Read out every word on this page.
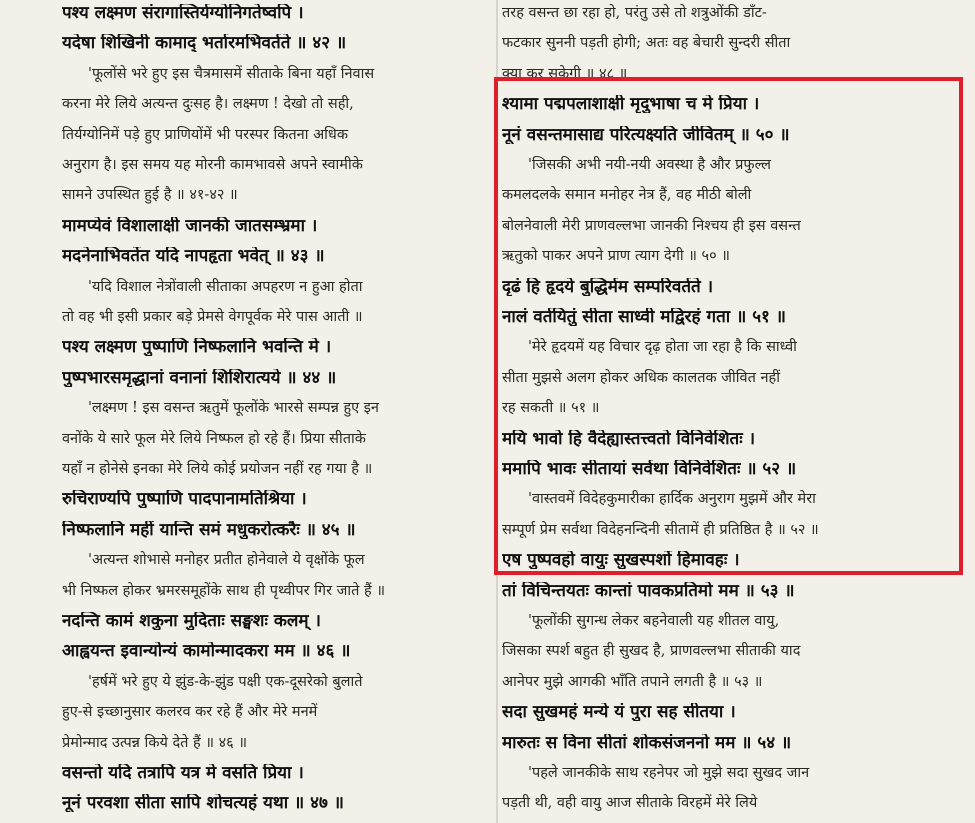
पश्य लक्ष्मण संरागास्तिर्यग्योनिगतेष्वपि ।
यदेषा शिखिनी कामाद् भर्तारमभिवर्तते ॥ ४२ ॥
'फूलोंसे भरे हुए इस चैत्रमासमें सीताके बिना यहाँ निवास
करना मेरे लिये अत्यन्त दुःसह है। लक्ष्मण ! देखो तो सही,
तिर्यग्योनिमें पड़े हुए प्राणियोंमें भी परस्पर कितना अधिक
अनुराग है। इस समय यह मोरनी कामभावसे अपने स्वामीके
सामने उपस्थित हुई है ॥ ४१-४२ ॥
मामप्येवं विशालाक्षी जानकी जातसम्भ्रमा ।
मदनेनाभिवर्तेत यदि नापहृता भवेत् ॥ ४३ ॥
'यदि विशाल नेत्रोंवाली सीताका अपहरण न हुआ होता
तो वह भी इसी प्रकार बड़े प्रेमसे वेगपूर्वक मेरे पास आती ॥
पश्य लक्ष्मण पुष्पाणि निष्फलानि भवन्ति मे ।
पुष्पभारसमृद्धानां वनानां शिशिरात्यये ॥ ४४ ॥
'लक्ष्मण ! इस वसन्त ऋतुमें फूलोंके भारसे सम्पन्न हुए इन
वनोंके ये सारे फूल मेरे लिये निष्फल हो रहे हैं। प्रिया सीताके
यहाँ न होनेसे इनका मेरे लिये कोई प्रयोजन नहीं रह गया है ॥
रुचिराण्यपि पुष्पाणि पादपानामतिश्रिया ।
निष्फलानि महीं यान्ति समं मधुकरोत्करैः ॥ ४५ ॥
'अत्यन्त शोभासे मनोहर प्रतीत होनेवाले ये वृक्षोंके फूल
भी निष्फल होकर भ्रमरसमूहोंके साथ ही पृथ्वीपर गिर जाते हैं ॥
नदन्ति कामं शकुना मुदिताः सङ्घशः कलम् ।
आह्वयन्त इवान्योन्यं कामोन्मादकरा मम ॥ ४६ ॥
'हर्षमें भरे हुए ये झुंड-के-झुंड पक्षी एक-दूसरेको बुलाते
हुए-से इच्छानुसार कलरव कर रहे हैं और मेरे मनमें
प्रेमोन्माद उत्पन्न किये देते हैं ॥ ४६ ॥
वसन्तो यदि तत्रापि यत्र मे वसति प्रिया ।
नूनं परवशा सीता सापि शोचत्यहं यथा ॥ ४७ ॥
तरह वसन्त छा रहा हो, परंतु उसे तो शत्रुओंकी डाँट-
फटकार सुननी पड़ती होगी; अतः वह बेचारी सुन्दरी सीता
क्या कर सकेगी ॥ ४८ ॥
श्यामा पद्मपलाशाक्षी मृदुभाषा च मे प्रिया ।
नूनं वसन्तमासाद्य परित्यक्ष्यति जीवितम् ॥ ५० ॥
'जिसकी अभी नयी-नयी अवस्था है और प्रफुल्ल
कमलदलके समान मनोहर नेत्र हैं, वह मीठी बोली
बोलनेवाली मेरी प्राणवल्लभा जानकी निश्चय ही इस वसन्त
ऋतुको पाकर अपने प्राण त्याग देगी ॥ ५० ॥
दृढं हि हृदये बुद्धिर्मम सम्परिवर्तते ।
नालं वर्तयितुं सीता साध्वी मद्विरहं गता ॥ ५१ ॥
'मेरे हृदयमें यह विचार दृढ़ होता जा रहा है कि साध्वी
सीता मुझसे अलग होकर अधिक कालतक जीवित नहीं
रह सकती ॥ ५१ ॥
मयि भावो हि वैदेह्यास्तत्त्वतो विनिवेशितः ।
ममापि भावः सीतायां सर्वथा विनिवेशितः ॥ ५२ ॥
'वास्तवमें विदेहकुमारीका हार्दिक अनुराग मुझमें और मेरा
सम्पूर्ण प्रेम सर्वथा विदेहनन्दिनी सीतामें ही प्रतिष्ठित है ॥ ५२ ॥
एष पुष्पवहो वायुः सुखस्पर्शो हिमावहः ।
तां विचिन्तयतः कान्तां पावकप्रतिमो मम ॥ ५३ ॥
'फूलोंकी सुगन्ध लेकर बहनेवाली यह शीतल वायु,
जिसका स्पर्श बहुत ही सुखद है, प्राणवल्लभा सीताकी याद
आनेपर मुझे आगकी भाँति तपाने लगती है ॥ ५३ ॥
सदा सुखमहं मन्ये यं पुरा सह सीतया ।
मारुतः स विना सीतां शोकसंजननो मम ॥ ५४ ॥
'पहले जानकीके साथ रहनेपर जो मुझे सदा सुखद जान
पड़ती थी, वही वायु आज सीताके विरहमें मेरे लिये
